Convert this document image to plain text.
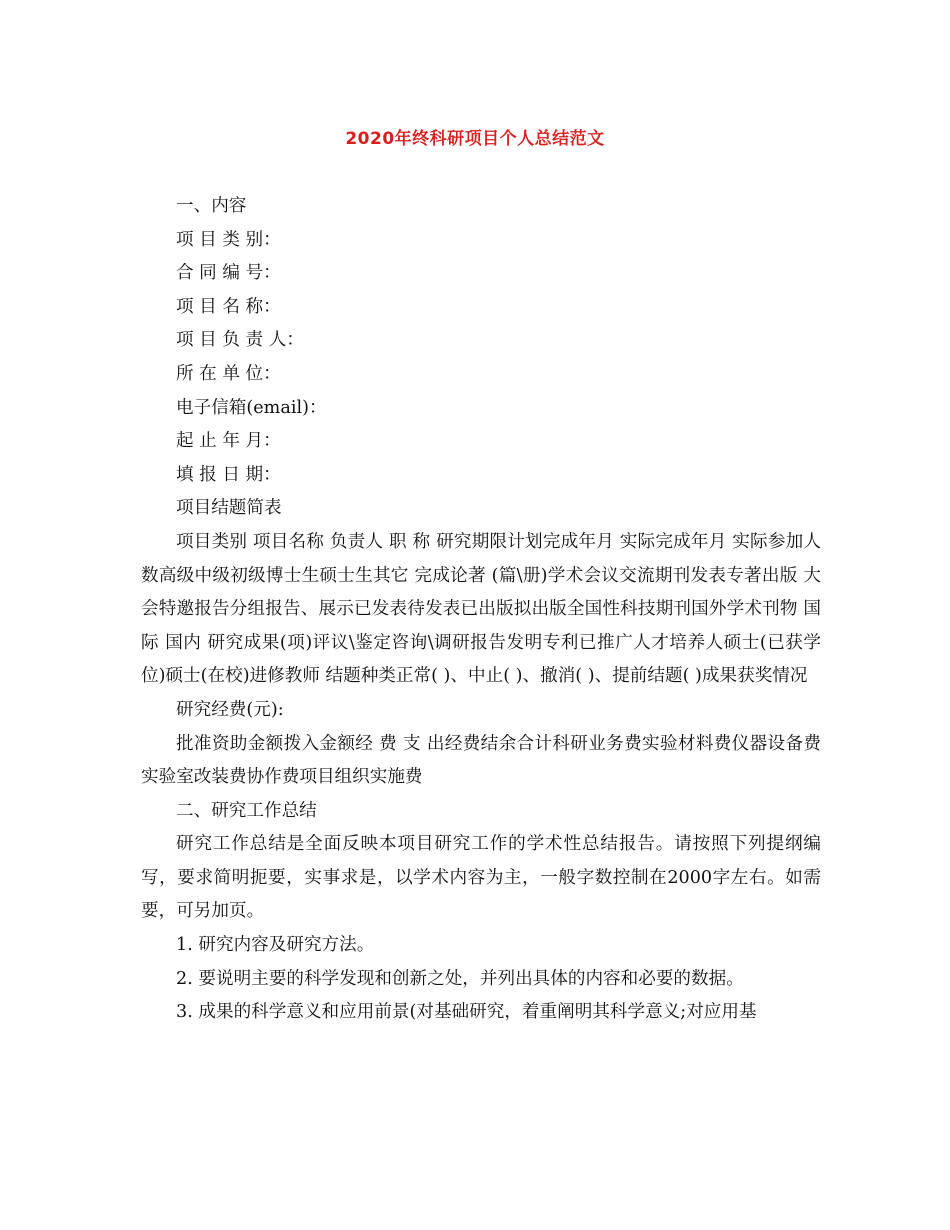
2020年终科研项目个人总结范文

一、内容

项 目 类 别：

合 同 编 号：

项 目 名 称：

项 目 负 责 人：

所 在 单 位：

电子信箱(email)：

起 止 年 月：

填 报 日 期：

项目结题简表

项目类别 项目名称 负责人 职 称 研究期限计划完成年月 实际完成年月 实际参加人数高级中级初级博士生硕士生其它 完成论著 (篇\册)学术会议交流期刊发表专著出版 大会特邀报告分组报告、展示已发表待发表已出版拟出版全国性科技期刊国外学术刊物 国际 国内 研究成果(项)评议\鉴定咨询\调研报告发明专利已推广人才培养人硕士(已获学位)硕士(在校)进修教师 结题种类正常( )、中止( )、撤消( )、提前结题( )成果获奖情况

研究经费(元):

批准资助金额拨入金额经 费 支 出经费结余合计科研业务费实验材料费仪器设备费实验室改装费协作费项目组织实施费

二、研究工作总结

研究工作总结是全面反映本项目研究工作的学术性总结报告。请按照下列提纲编写，要求简明扼要，实事求是，以学术内容为主，一般字数控制在2000字左右。如需要，可另加页。

1. 研究内容及研究方法。

2. 要说明主要的科学发现和创新之处，并列出具体的内容和必要的数据。

3. 成果的科学意义和应用前景(对基础研究，着重阐明其科学意义;对应用基
